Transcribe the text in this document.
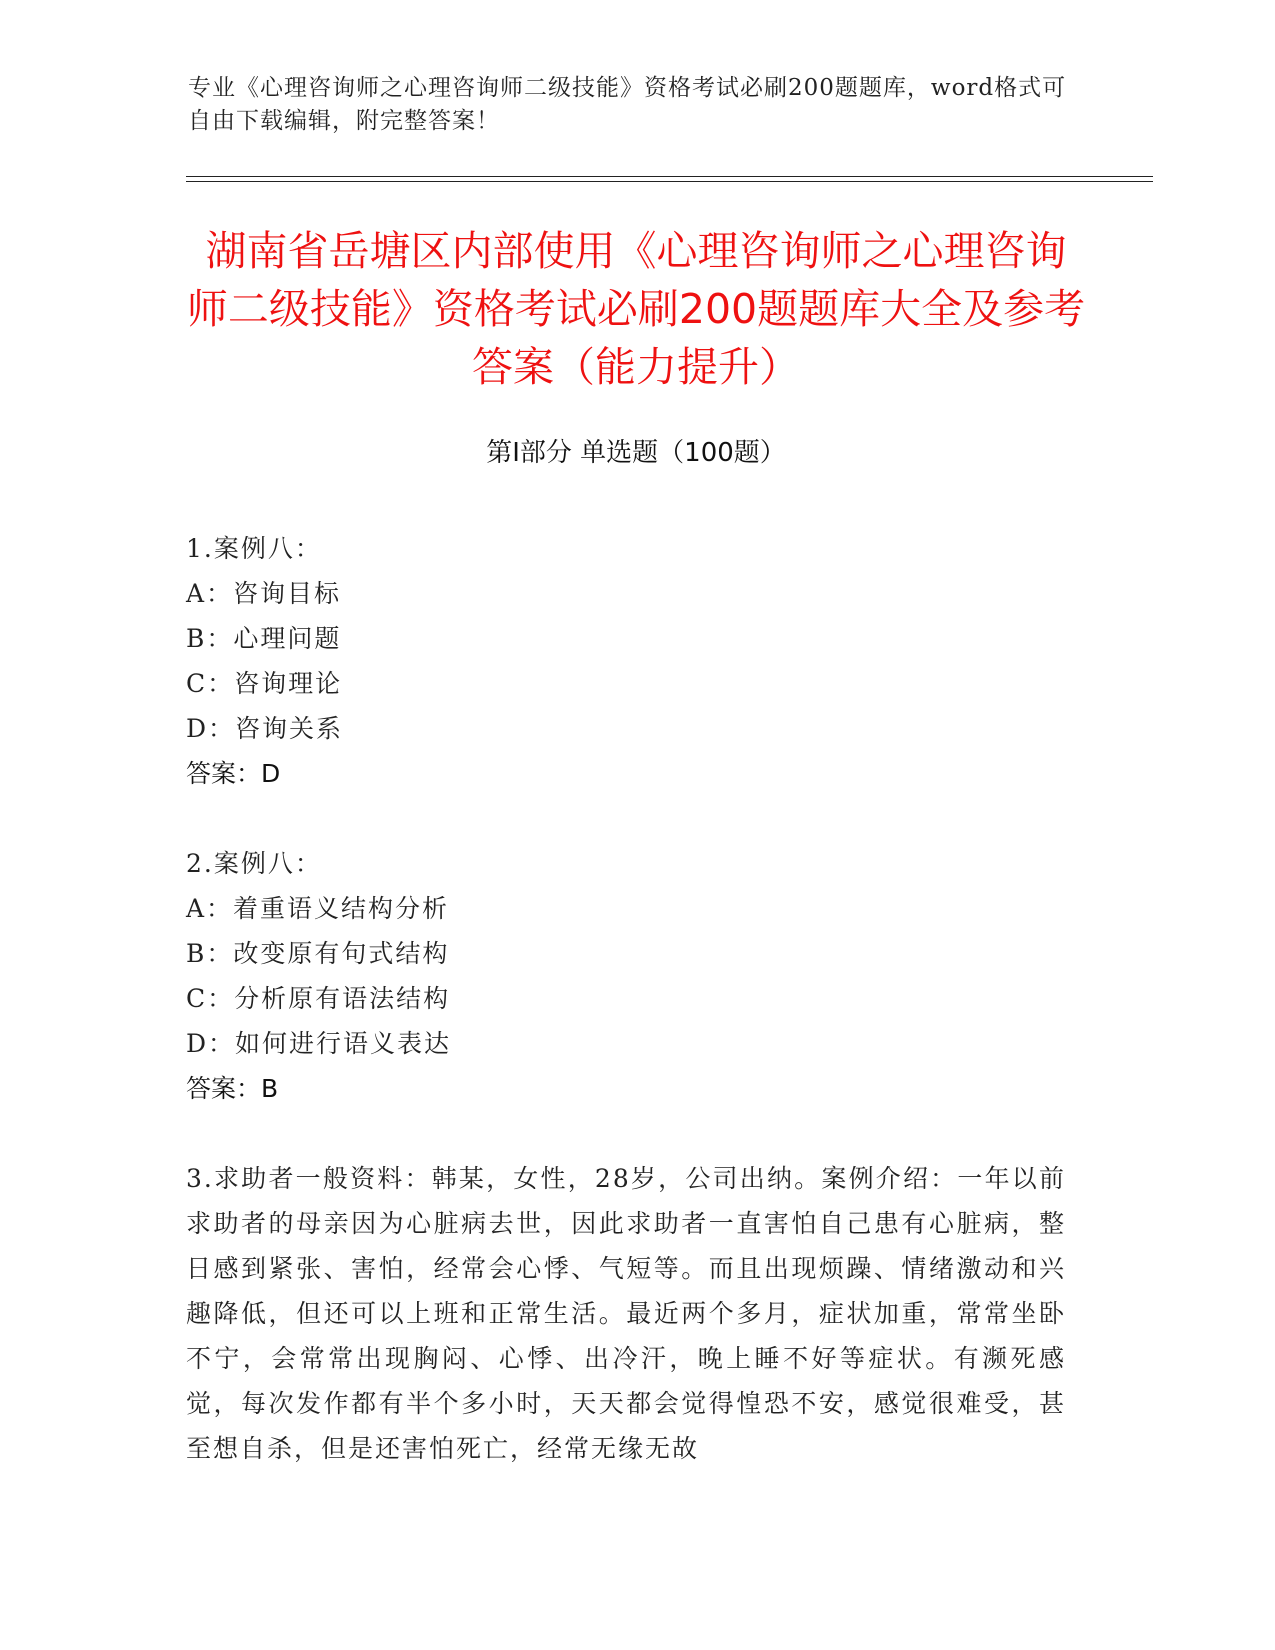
专业《心理咨询师之心理咨询师二级技能》资格考试必刷200题题库，word格式可自由下载编辑，附完整答案！
湖南省岳塘区内部使用《心理咨询师之心理咨询师二级技能》资格考试必刷200题题库大全及参考答案（能力提升）
第I部分 单选题（100题）
1.案例八：
A：咨询目标
B：心理问题
C：咨询理论
D：咨询关系
答案：D
2.案例八：
A：着重语义结构分析
B：改变原有句式结构
C：分析原有语法结构
D：如何进行语义表达
答案：B
3.求助者一般资料：韩某，女性，28岁，公司出纳。案例介绍：一年以前求助者的母亲因为心脏病去世，因此求助者一直害怕自己患有心脏病，整日感到紧张、害怕，经常会心悸、气短等。而且出现烦躁、情绪激动和兴趣降低，但还可以上班和正常生活。最近两个多月，症状加重，常常坐卧不宁，会常常出现胸闷、心悸、出冷汗，晚上睡不好等症状。有濒死感觉，每次发作都有半个多小时，天天都会觉得惶恐不安，感觉很难受，甚至想自杀，但是还害怕死亡，经常无缘无故
